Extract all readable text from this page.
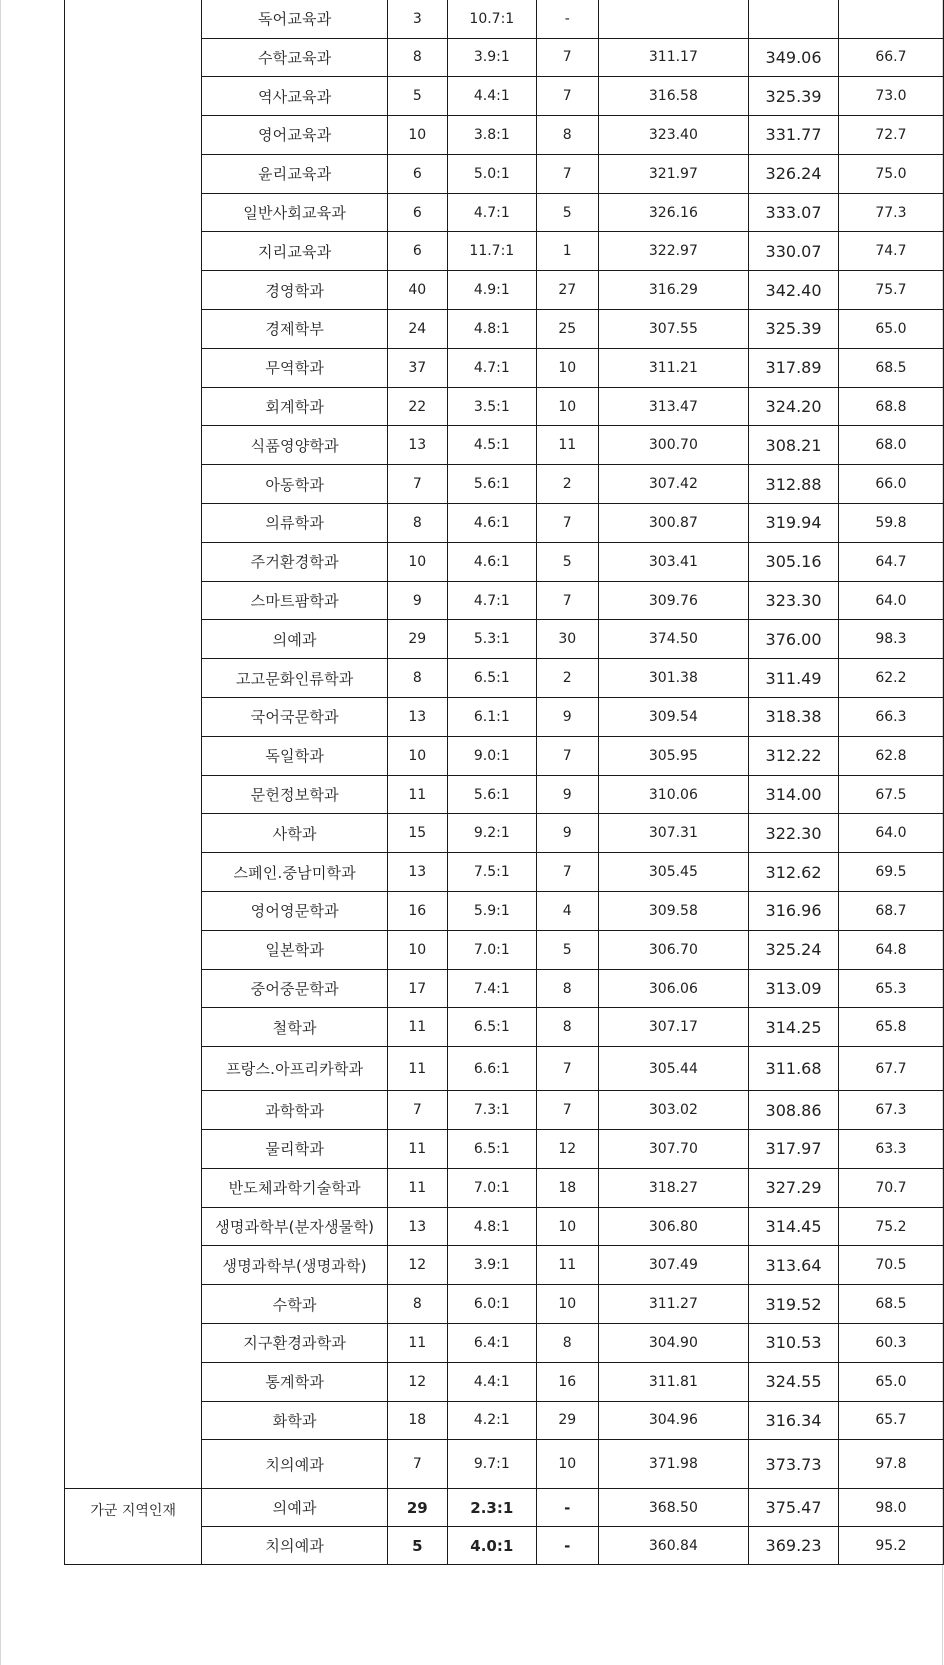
	독어교육과	3	10.7:1	-			
	수학교육과	8	3.9:1	7	311.17	349.06	66.7
	역사교육과	5	4.4:1	7	316.58	325.39	73.0
	영어교육과	10	3.8:1	8	323.40	331.77	72.7
	윤리교육과	6	5.0:1	7	321.97	326.24	75.0
	일반사회교육과	6	4.7:1	5	326.16	333.07	77.3
	지리교육과	6	11.7:1	1	322.97	330.07	74.7
	경영학과	40	4.9:1	27	316.29	342.40	75.7
	경제학부	24	4.8:1	25	307.55	325.39	65.0
	무역학과	37	4.7:1	10	311.21	317.89	68.5
	회계학과	22	3.5:1	10	313.47	324.20	68.8
	식품영양학과	13	4.5:1	11	300.70	308.21	68.0
	아동학과	7	5.6:1	2	307.42	312.88	66.0
	의류학과	8	4.6:1	7	300.87	319.94	59.8
	주거환경학과	10	4.6:1	5	303.41	305.16	64.7
	스마트팜학과	9	4.7:1	7	309.76	323.30	64.0
	의예과	29	5.3:1	30	374.50	376.00	98.3
	고고문화인류학과	8	6.5:1	2	301.38	311.49	62.2
	국어국문학과	13	6.1:1	9	309.54	318.38	66.3
	독일학과	10	9.0:1	7	305.95	312.22	62.8
	문헌정보학과	11	5.6:1	9	310.06	314.00	67.5
	사학과	15	9.2:1	9	307.31	322.30	64.0
	스페인.중남미학과	13	7.5:1	7	305.45	312.62	69.5
	영어영문학과	16	5.9:1	4	309.58	316.96	68.7
	일본학과	10	7.0:1	5	306.70	325.24	64.8
	중어중문학과	17	7.4:1	8	306.06	313.09	65.3
	철학과	11	6.5:1	8	307.17	314.25	65.8
	프랑스.아프리카학과	11	6.6:1	7	305.44	311.68	67.7
	과학학과	7	7.3:1	7	303.02	308.86	67.3
	물리학과	11	6.5:1	12	307.70	317.97	63.3
	반도체과학기술학과	11	7.0:1	18	318.27	327.29	70.7
	생명과학부(분자생물학)	13	4.8:1	10	306.80	314.45	75.2
	생명과학부(생명과학)	12	3.9:1	11	307.49	313.64	70.5
	수학과	8	6.0:1	10	311.27	319.52	68.5
	지구환경과학과	11	6.4:1	8	304.90	310.53	60.3
	통계학과	12	4.4:1	16	311.81	324.55	65.0
	화학과	18	4.2:1	29	304.96	316.34	65.7
	치의예과	7	9.7:1	10	371.98	373.73	97.8
가군 지역인재	의예과	29	2.3:1	-	368.50	375.47	98.0
	치의예과	5	4.0:1	-	360.84	369.23	95.2
